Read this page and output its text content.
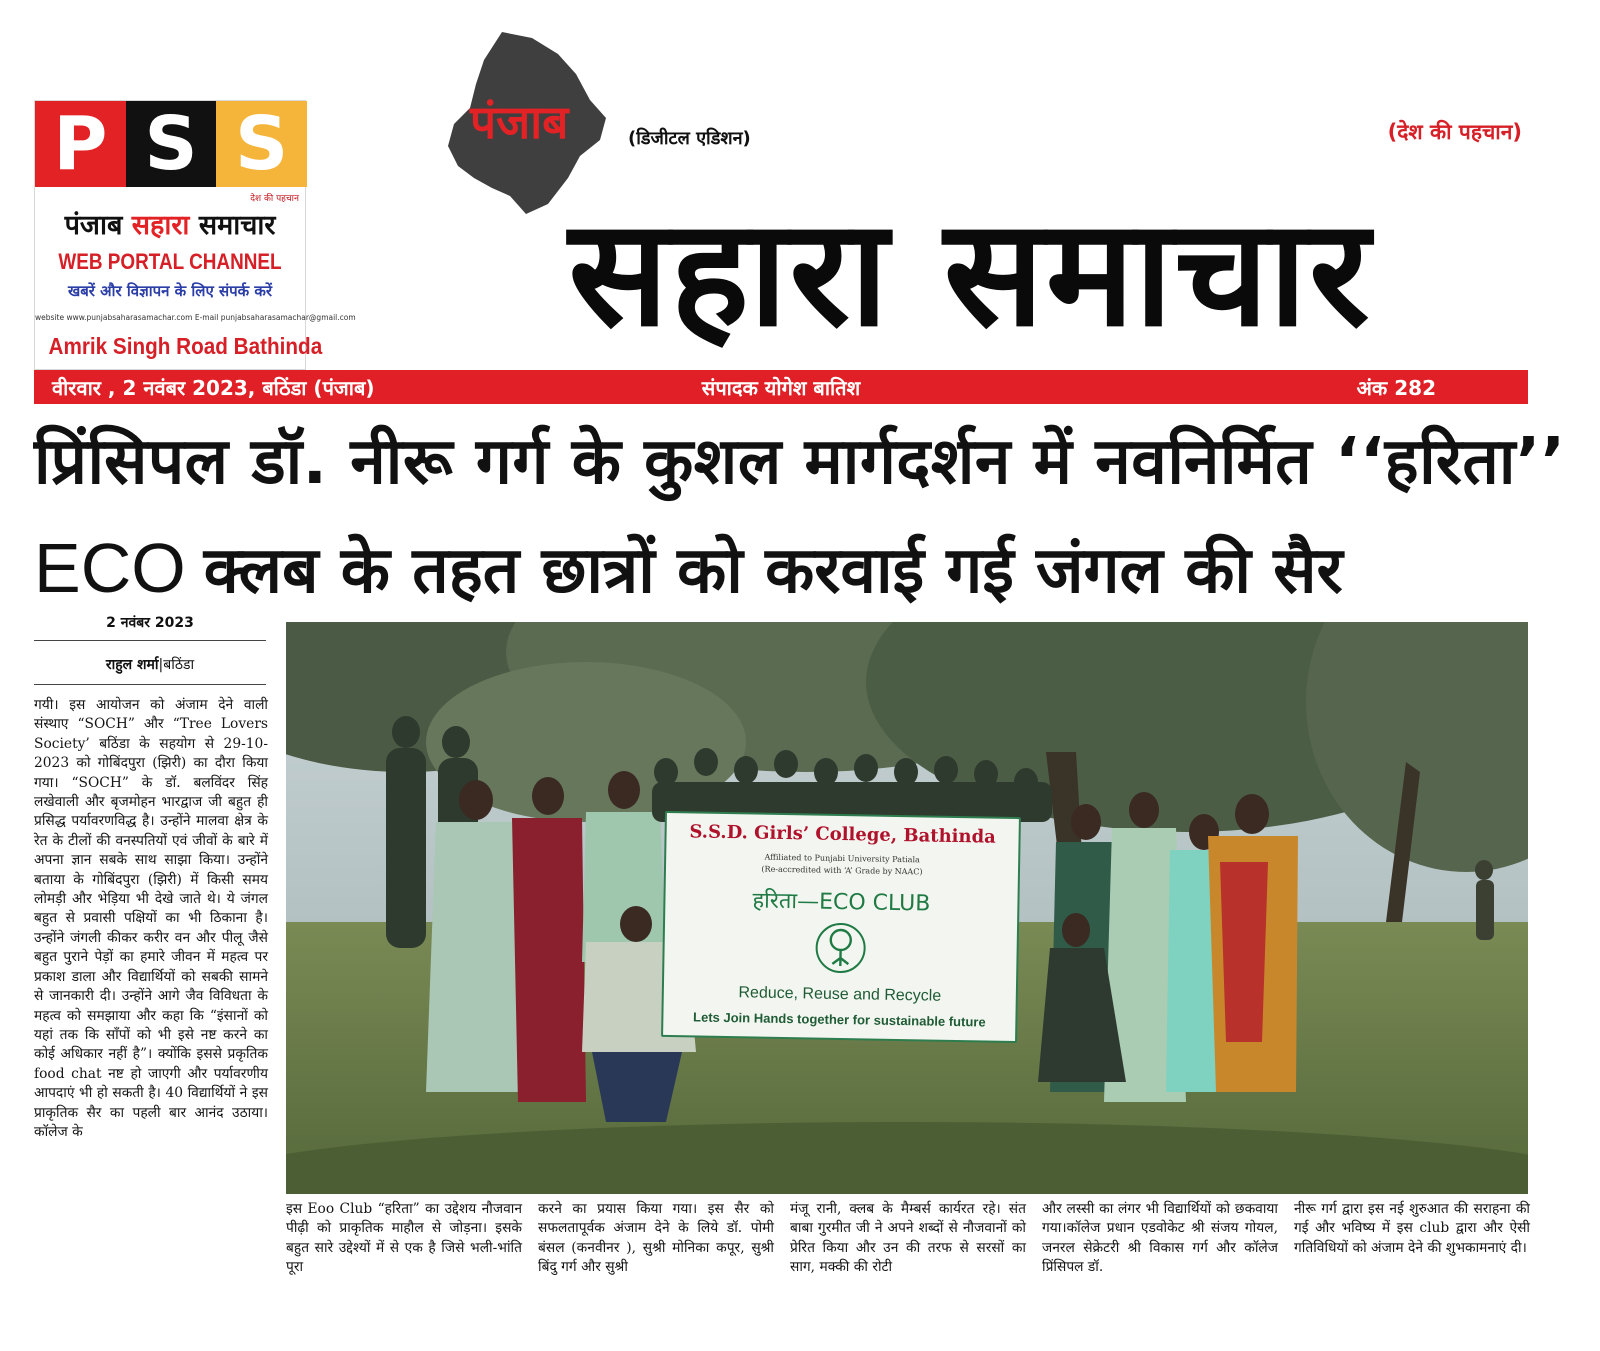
P S S
देश की पहचान
पंजाब सहारा समाचार
WEB PORTAL CHANNEL
खबरें और विज्ञापन के लिए संपर्क करें
website www.punjabsaharasamachar.com E-mail punjabsaharasamachar@gmail.com
Amrik Singh Road Bathinda
पंजाब	(डिजीटल एडिशन)	(देश की पहचान)
सहारा समाचार
वीरवार , 2 नवंबर 2023, बठिंडा (पंजाब)	संपादक योगेश बातिश	अंक 282
प्रिंसिपल डॉ. नीरू गर्ग के कुशल मार्गदर्शन में नवनिर्मित ‘‘हरिता’’
ECO क्लब के तहत छात्रों को करवाई गई जंगल की सैर
2 नवंबर 2023
राहुल शर्मा|बठिंडा
गयी। इस आयोजन को अंजाम देने वाली संस्थाए “SOCH” और “Tree Lovers Society’ बठिंडा के सहयोग से 29-10-2023 को गोबिंदपुरा (झिरी) का दौरा किया गया। “SOCH” के डॉ. बलविंदर सिंह लखेवाली और बृजमोहन भारद्वाज जी बहुत ही प्रसिद्ध पर्यावरणविद्ध है। उन्होंने मालवा क्षेत्र के रेत के टीलों की वनस्पतियों एवं जीवों के बारे में अपना ज्ञान सबके साथ साझा किया। उन्होंने बताया के गोबिंदपुरा (झिरी) में किसी समय लोमड़ी और भेड़िया भी देखे जाते थे। ये जंगल बहुत से प्रवासी पक्षियों का भी ठिकाना है। उन्होंने जंगली कीकर करीर वन और पीलू जैसे बहुत पुराने पेड़ों का हमारे जीवन में महत्व पर प्रकाश डाला और विद्यार्थियों को सबकी सामने से जानकारी दी। उन्होंने आगे जैव विविधता के महत्व को समझाया और कहा कि “इंसानों को यहां तक कि साँपों को भी इसे नष्ट करने का कोई अधिकार नहीं है”। क्योंकि इससे प्रकृतिक food chat नष्ट हो जाएगी और पर्यावरणीय आपदाएं भी हो सकती है। 40 विद्यार्थियों ने इस प्राकृतिक सैर का पहली बार आनंद उठाया।कॉलेज के
S.S.D. Girls’ College, Bathinda
Affiliated to Punjabi University Patiala
(Re-accredited with ‘A’ Grade by NAAC)
हरिता—ECO CLUB
Reduce, Reuse and Recycle
Lets Join Hands together for sustainable future
इस Eoo Club “हरिता” का उद्देशय नौजवान पीढ़ी को प्राकृतिक माहौल से जोड़ना। इसके बहुत सारे उद्देश्यों में से एक है जिसे भली-भांति पूरा
करने का प्रयास किया गया। इस सैर को सफलतापूर्वक अंजाम देने के लिये डॉ. पोमी बंसल (कनवीनर ), सुश्री मोनिका कपूर, सुश्री बिंदु गर्ग और सुश्री
मंजू रानी, क्लब के मैम्बर्स कार्यरत रहे। संत बाबा गुरमीत जी ने अपने शब्दों से नौजवानों को प्रेरित किया और उन की तरफ से सरसों का साग, मक्की की रोटी
और लस्सी का लंगर भी विद्यार्थियों को छकवाया गया।कॉलेज प्रधान एडवोकेट श्री संजय गोयल, जनरल सेक्रेटरी श्री विकास गर्ग और कॉलेज प्रिंसिपल डॉ.
नीरू गर्ग द्वारा इस नई शुरुआत की सराहना की गई और भविष्य में इस club द्वारा और ऐसी गतिविधियों को अंजाम देने की शुभकामनाएं दी।
